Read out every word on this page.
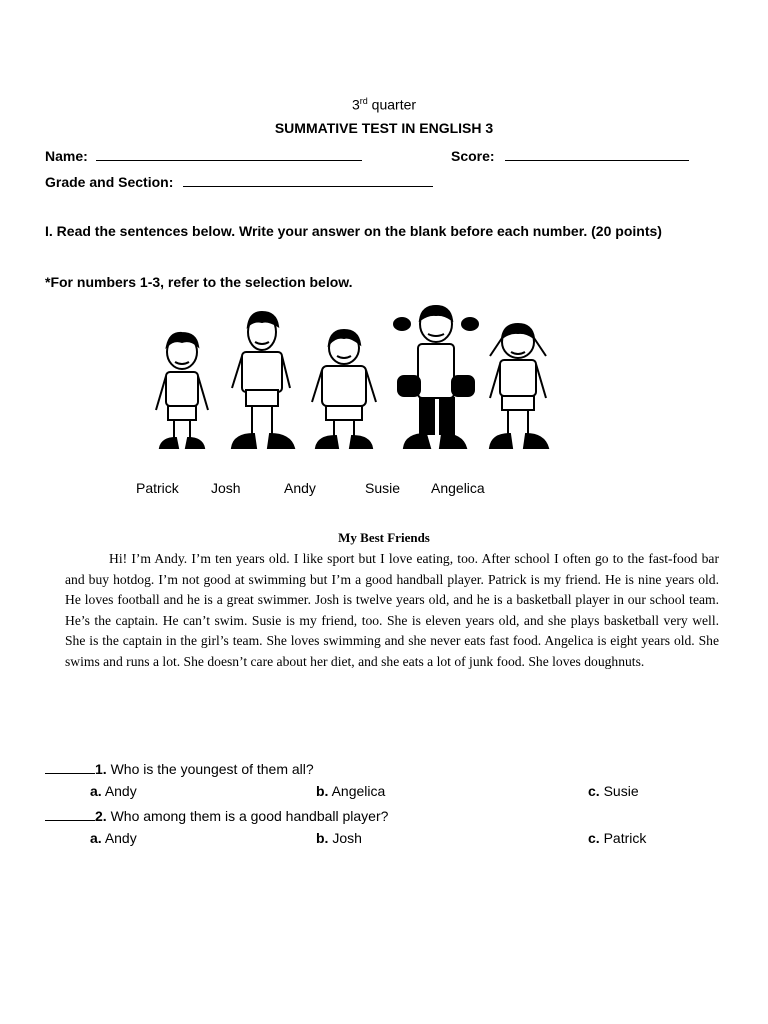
3rd quarter
SUMMATIVE TEST IN ENGLISH 3
Name:	Score:
Grade and Section:
I. Read the sentences below. Write your answer on the blank before each number. (20 points)
*For numbers 1-3, refer to the selection below.
Patrick Josh	Andy	Susie Angelica
My Best Friends
Hi! I’m Andy. I’m ten years old. I like sport but I love eating, too. After school I often go to the fast-food bar and buy hotdog. I’m not good at swimming but I’m a good handball player. Patrick is my friend. He is nine years old. He loves football and he is a great swimmer. Josh is twelve years old, and he is a basketball player in our school team. He’s the captain. He can’t swim. Susie is my friend, too. She is eleven years old, and she plays basketball very well. She is the captain in the girl’s team. She loves swimming and she never eats fast food. Angelica is eight years old. She swims and runs a lot. She doesn’t care about her diet, and she eats a lot of junk food. She loves doughnuts.
1. Who is the youngest of them all?
a. Andy	b. Angelica	c. Susie
2. Who among them is a good handball player?
a. Andy	b. Josh	c. Patrick
